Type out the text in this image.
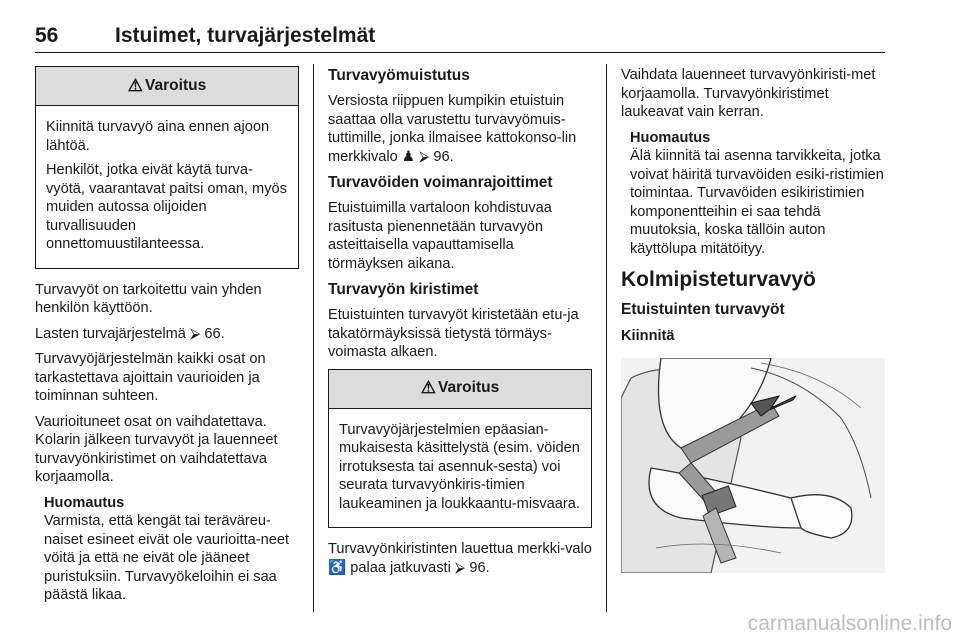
56	Istuimet, turvajärjestelmät
⚠ Varoitus

Kiinnitä turvavyö aina ennen ajoon lähtöä.

Henkilöt, jotka eivät käytä turva-vyötä, vaarantavat paitsi oman, myös muiden autossa olijoiden turvallisuuden onnettomuustilanteessa.

Turvavyöt on tarkoitettu vain yhden henkilön käyttöön.

Lasten turvajärjestelmä ⮚ 66.

Turvavyöjärjestelmän kaikki osat on tarkastettava ajoittain vaurioiden ja toiminnan suhteen.

Vaurioituneet osat on vaihdatettava. Kolarin jälkeen turvavyöt ja lauenneet turvavyönkiristimet on vaihdatettava korjaamolla.

Huomautus
Varmista, että kengät tai teräväreu-naiset esineet eivät ole vaurioitta-neet vöitä ja että ne eivät ole jääneet puristuksiin. Turvavyökeloihin ei saa päästä likaa.
Turvavyömuistutus

Versiosta riippuen kumpikin etuistuin saattaa olla varustettu turvavyömuis-tuttimille, jonka ilmaisee kattokonso-lin merkkivalo ♟ ⮚ 96.

Turvavöiden voimanrajoittimet

Etuistuimilla vartaloon kohdistuvaa rasitusta pienennetään turvavyön asteittaisella vapauttamisella törmäyksen aikana.

Turvavyön kiristimet

Etuistuinten turvavyöt kiristetään etu-ja takatörmäyksissä tietystä törmäys-voimasta alkaen.

⚠ Varoitus

Turvavyöjärjestelmien epäasian-mukaisesta käsittelystä (esim. vöiden irrotuksesta tai asennuk-sesta) voi seurata turvavyönkiris-timien laukeaminen ja loukkaantu-misvaara.

Turvavyönkiristinten lauettua merkki-valo ♿ palaa jatkuvasti ⮚ 96.

Vaihdata lauenneet turvavyönkiristi-met korjaamolla. Turvavyönkiristimet laukeavat vain kerran.

Huomautus
Älä kiinnitä tai asenna tarvikkeita, jotka voivat häiritä turvavöiden esiki-ristimien toimintaa. Turvavöiden esikiristimien komponentteihin ei saa tehdä muutoksia, koska tällöin auton käyttölupa mitätöityy.
Kolmipisteturvavyö
Etuistuinten turvavyöt
Kiinnitä
carmanualsonline.info
